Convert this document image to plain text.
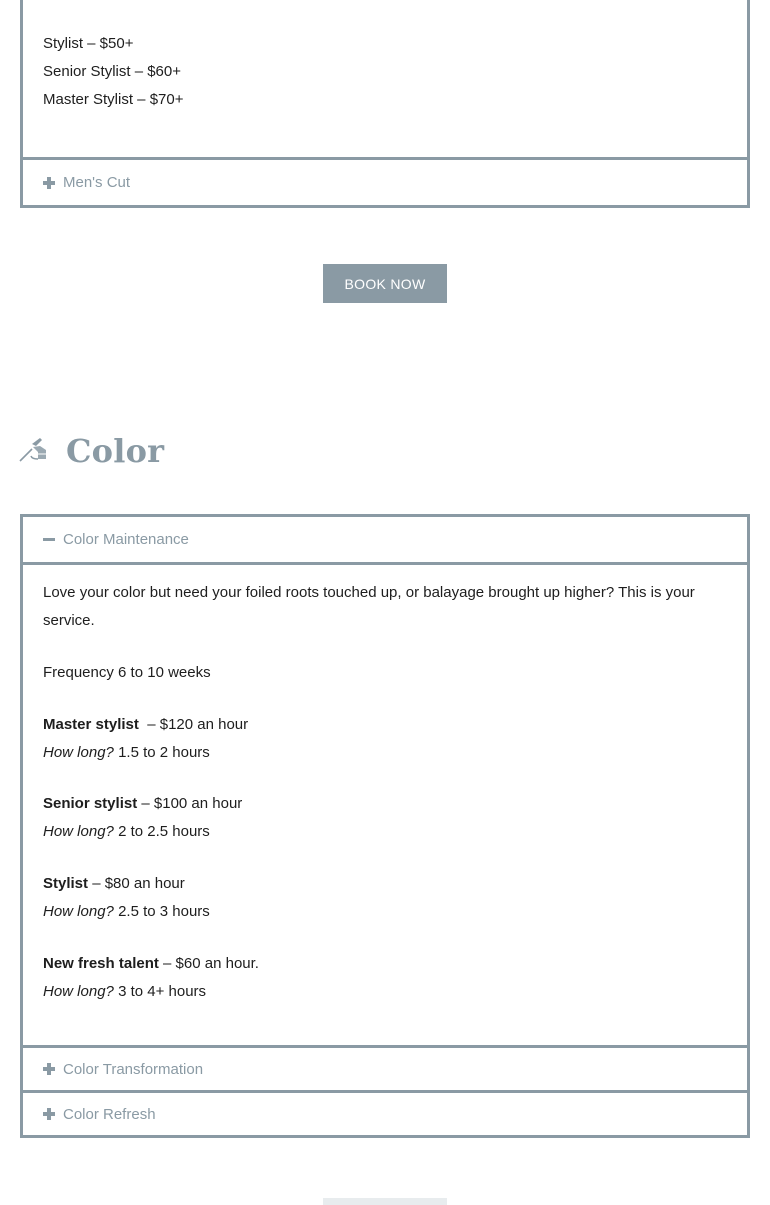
Stylist – $50+
Senior Stylist – $60+
Master Stylist – $70+
Men's Cut
BOOK NOW
Color
Color Maintenance
Love your color but need your foiled roots touched up, or balayage brought up higher? This is your service.
Frequency 6 to 10 weeks
Master stylist – $120 an hour
How long? 1.5 to 2 hours
Senior stylist – $100 an hour
How long? 2 to 2.5 hours
Stylist – $80 an hour
How long? 2.5 to 3 hours
New fresh talent – $60 an hour.
How long? 3 to 4+ hours
Color Transformation
Color Refresh
